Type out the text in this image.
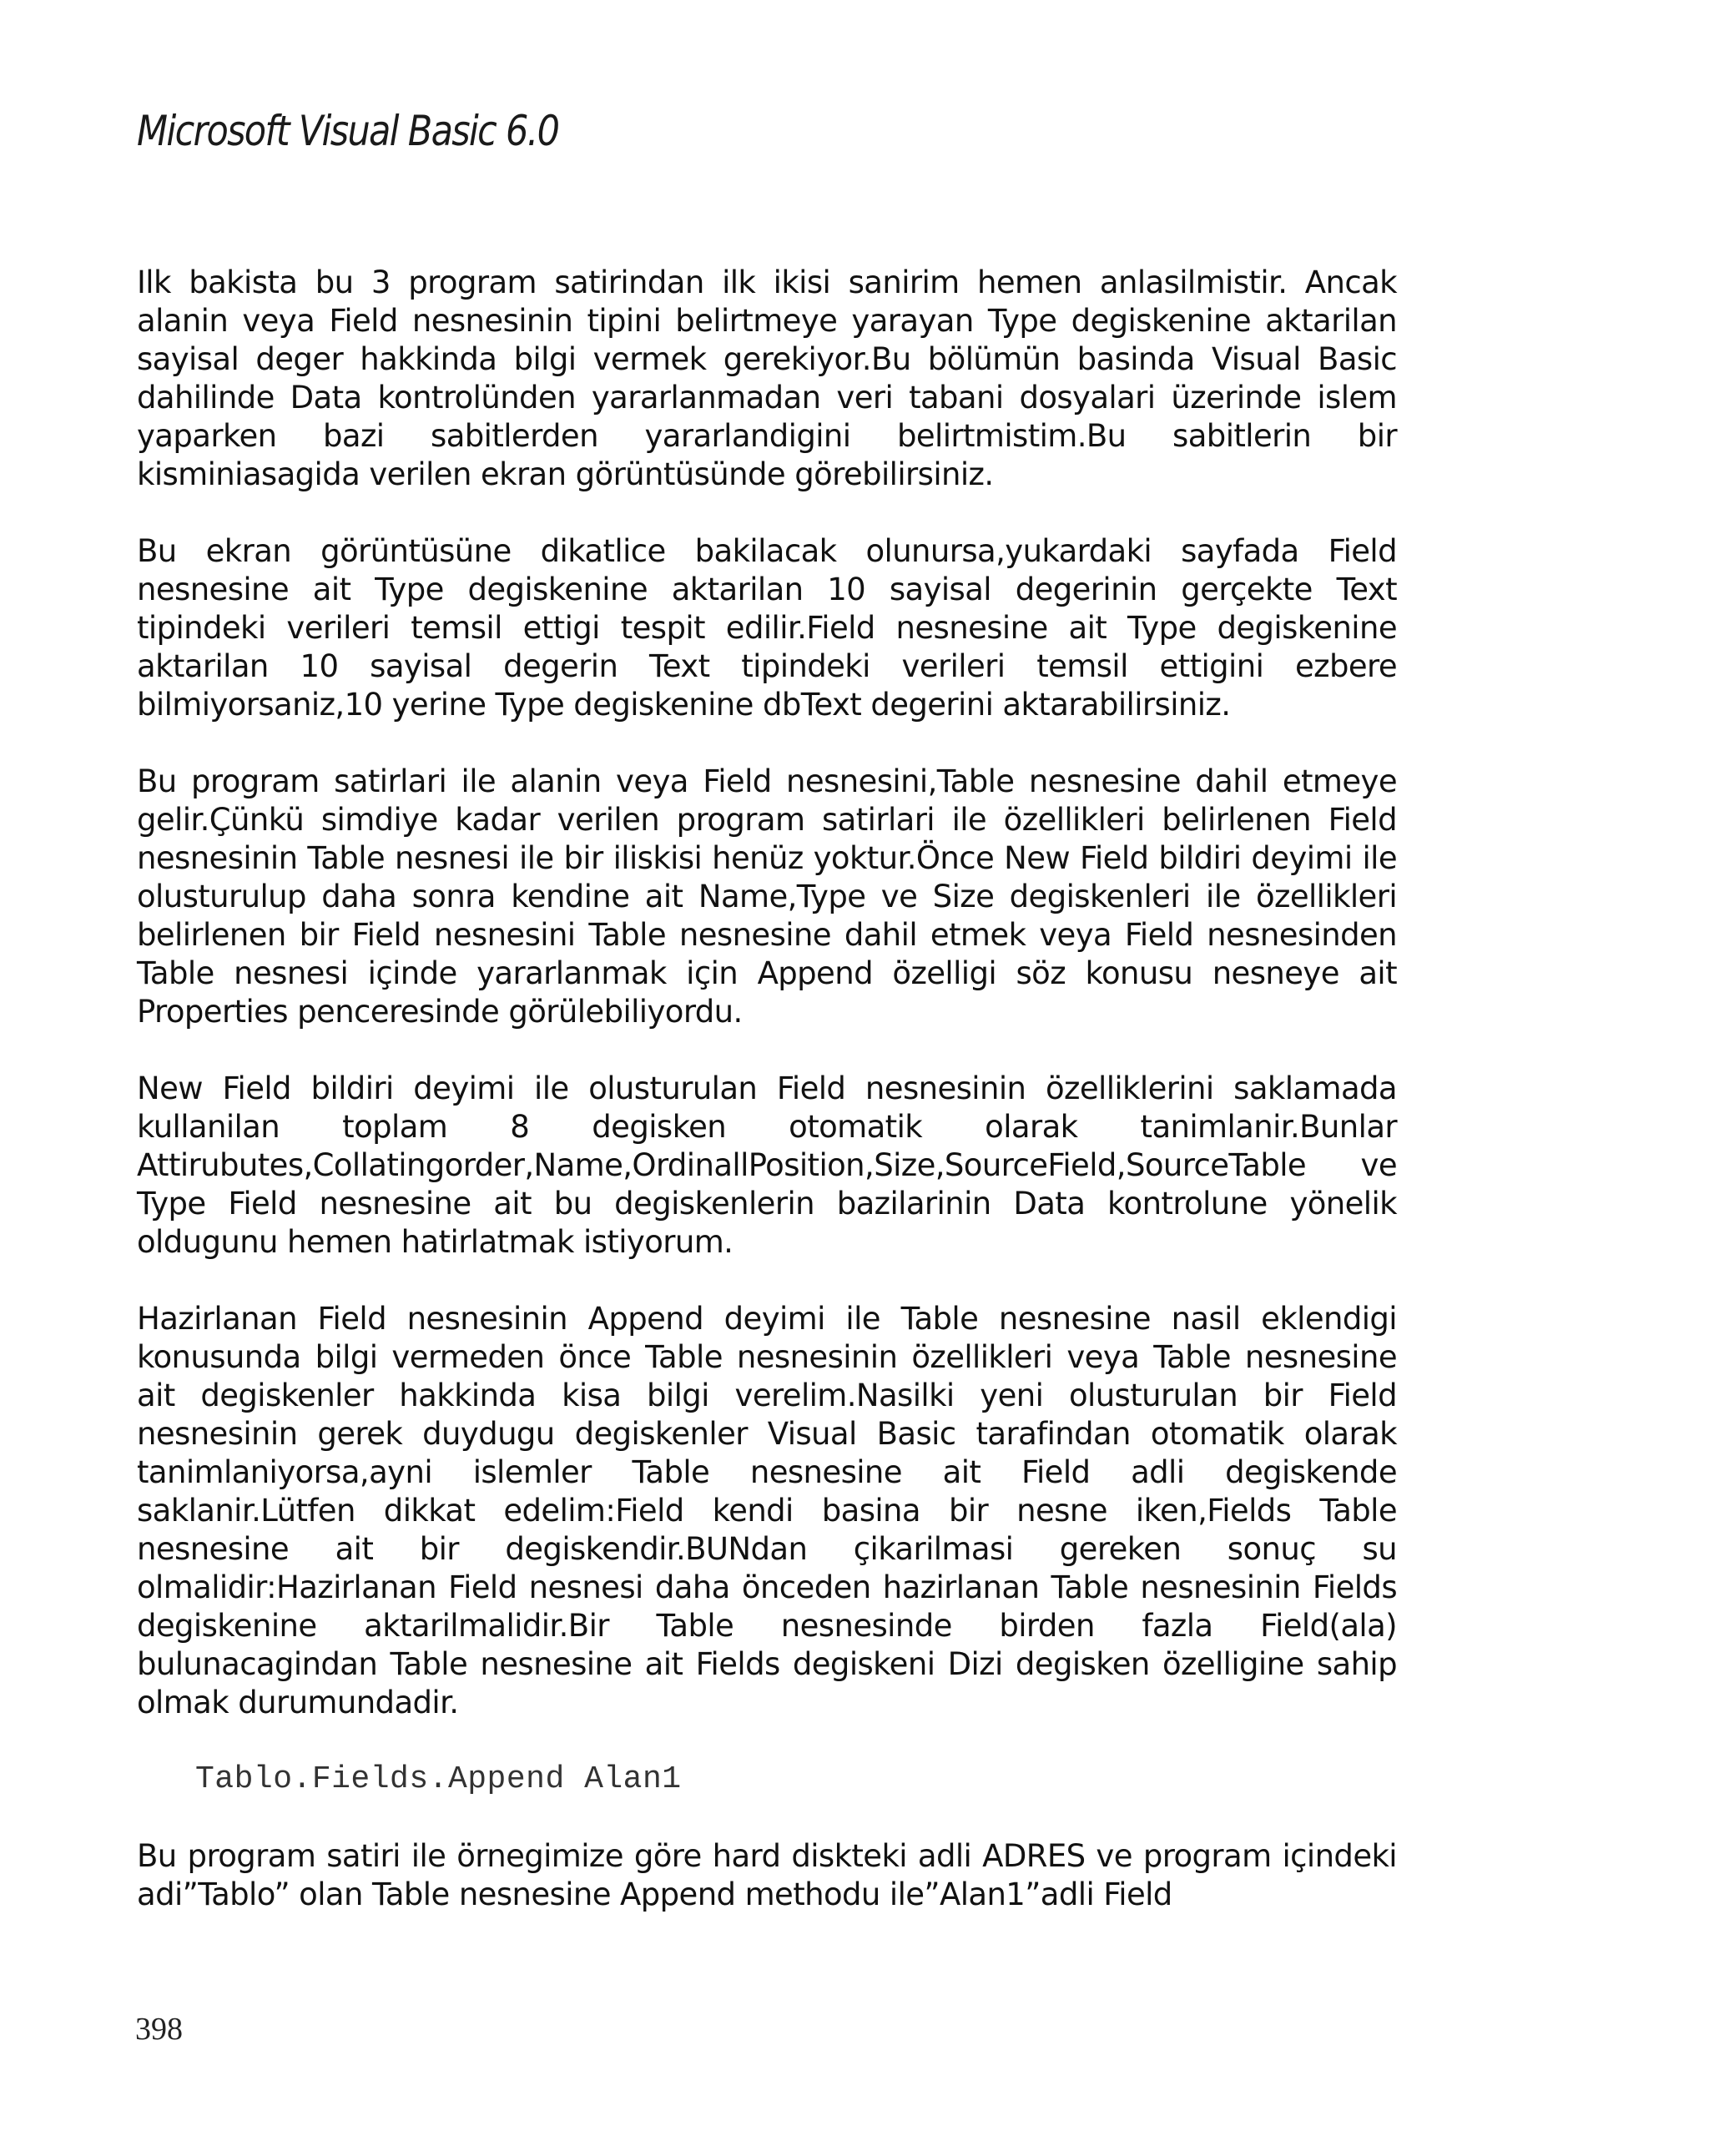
Microsoft Visual Basic 6.0

Ilk bakista bu 3 program satirindan ilk ikisi sanirim hemen anlasilmistir. Ancak alanin veya Field nesnesinin tipini belirtmeye yarayan Type degiskenine aktarilan sayisal deger hakkinda bilgi vermek gerekiyor.Bu bölümün basinda Visual Basic dahilinde Data kontrolünden yararlanmadan veri tabani dosyalari üzerinde islem yaparken bazi sabitlerden yararlandigini belirtmistim.Bu sabitlerin bir kisminiasagida verilen ekran görüntüsünde görebilirsiniz.

Bu ekran görüntüsüne dikatlice bakilacak olunursa,yukardaki sayfada Field nesnesine ait Type degiskenine aktarilan 10 sayisal degerinin gerçekte Text tipindeki verileri temsil ettigi tespit edilir.Field nesnesine ait Type degiskenine aktarilan 10 sayisal degerin Text tipindeki verileri temsil ettigini ezbere bilmiyorsaniz,10 yerine Type degiskenine dbText degerini aktarabilirsiniz.

Bu program satirlari ile alanin veya Field nesnesini,Table nesnesine dahil etmeye gelir.Çünkü simdiye kadar verilen program satirlari ile özellikleri belirlenen Field nesnesinin Table nesnesi ile bir iliskisi henüz yoktur.Önce New Field bildiri deyimi ile olusturulup daha sonra kendine ait Name,Type ve Size degiskenleri ile özellikleri belirlenen bir Field nesnesini Table nesnesine dahil etmek veya Field nesnesinden Table nesnesi içinde yararlanmak için Append özelligi söz konusu nesneye ait Properties penceresinde görülebiliyordu.

New Field bildiri deyimi ile olusturulan Field nesnesinin özelliklerini saklamada kullanilan toplam 8 degisken otomatik olarak tanimlanir.Bunlar Attirubutes,Collatingorder,Name,OrdinallPosition,Size,SourceField,SourceTable ve Type Field nesnesine ait bu degiskenlerin bazilarinin Data kontrolune yönelik oldugunu hemen hatirlatmak istiyorum.

Hazirlanan Field nesnesinin Append deyimi ile Table nesnesine nasil eklendigi konusunda bilgi vermeden önce Table nesnesinin özellikleri veya Table nesnesine ait degiskenler hakkinda kisa bilgi verelim.Nasilki yeni olusturulan bir Field nesnesinin gerek duydugu degiskenler Visual Basic tarafindan otomatik olarak tanimlaniyorsa,ayni islemler Table nesnesine ait Field adli degiskende saklanir.Lütfen dikkat edelim:Field kendi basina bir nesne iken,Fields Table nesnesine ait bir degiskendir.BUNdan çikarilmasi gereken sonuç su olmalidir:Hazirlanan Field nesnesi daha önceden hazirlanan Table nesnesinin Fields degiskenine aktarilmalidir.Bir Table nesnesinde birden fazla Field(ala) bulunacagindan Table nesnesine ait Fields degiskeni Dizi degisken özelligine sahip olmak durumundadir.

Tablo.Fields.Append Alan1

Bu program satiri ile örnegimize göre hard diskteki adli ADRES ve program içindeki adi”Tablo” olan Table nesnesine Append methodu ile”Alan1”adli Field

398
